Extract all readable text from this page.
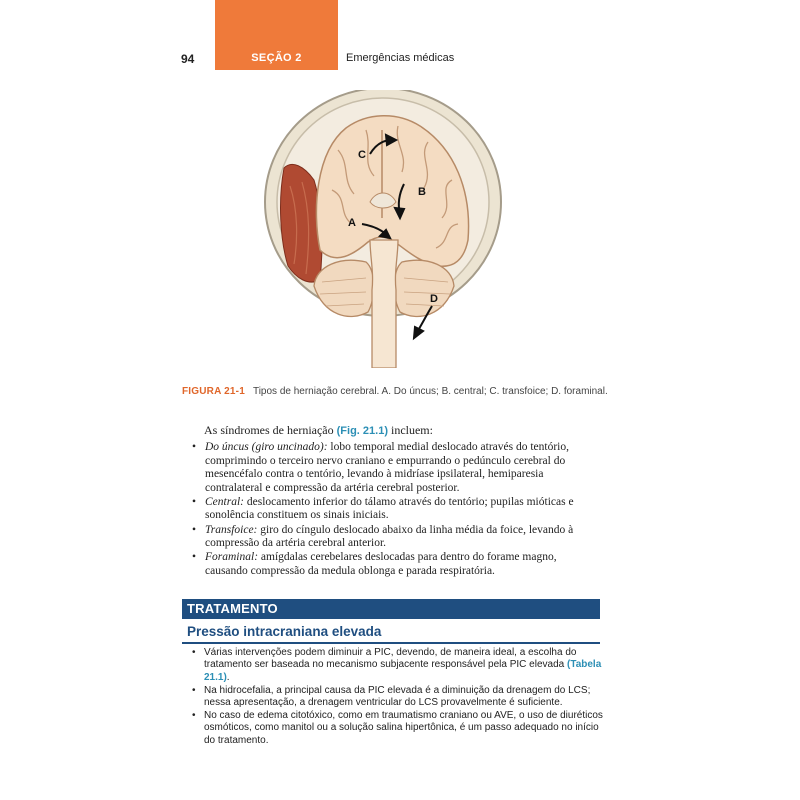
94	SEÇÃO 2	Emergências médicas
A
B
C
D
FIGURA 21-1 Tipos de herniação cerebral. A. Do úncus; B. central; C. transfoice; D. foraminal.

As síndromes de herniação (Fig. 21.1) incluem:

• Do úncus (giro uncinado): lobo temporal medial deslocado através do tentório, comprimindo o terceiro nervo craniano e empurrando o pedúnculo cerebral do mesencéfalo contra o tentório, levando à midríase ipsilateral, hemiparesia contralateral e compressão da artéria cerebral posterior.
• Central: deslocamento inferior do tálamo através do tentório; pupilas mióticas e sonolência constituem os sinais iniciais.
• Transfoice: giro do cíngulo deslocado abaixo da linha média da foice, levando à compressão da artéria cerebral anterior.
• Foraminal: amígdalas cerebelares deslocadas para dentro do forame magno, causando compressão da medula oblonga e parada respiratória.
TRATAMENTO
Pressão intracraniana elevada
• Várias intervenções podem diminuir a PIC, devendo, de maneira ideal, a escolha do tratamento ser baseada no mecanismo subjacente responsável pela PIC elevada (Tabela 21.1).
• Na hidrocefalia, a principal causa da PIC elevada é a diminuição da drenagem do LCS; nessa apresentação, a drenagem ventricular do LCS provavelmente é suficiente.
• No caso de edema citotóxico, como em traumatismo craniano ou AVE, o uso de diuréticos osmóticos, como manitol ou a solução salina hipertônica, é um passo adequado no início do tratamento.
